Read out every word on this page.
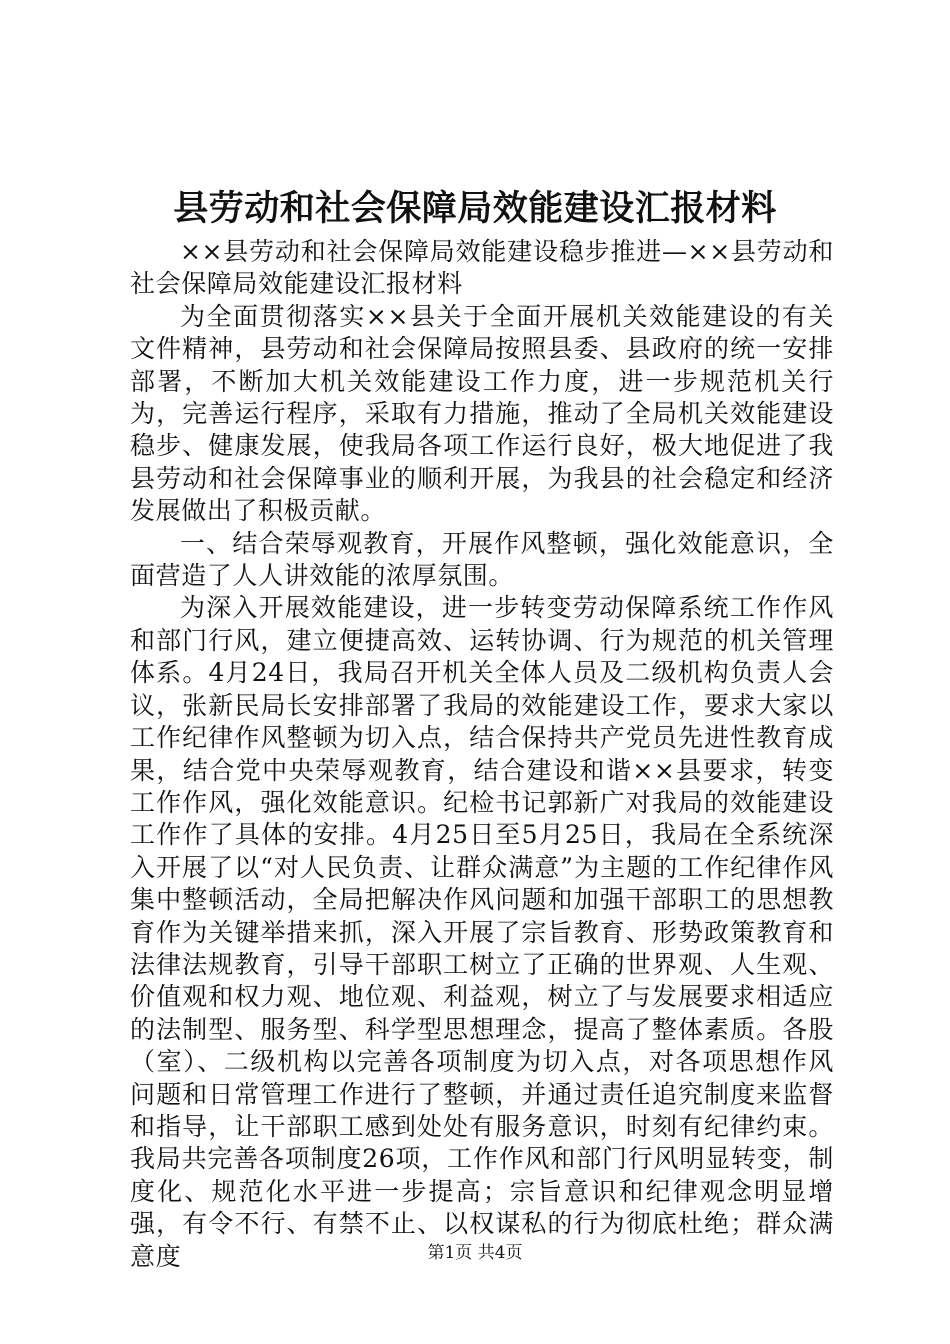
县劳动和社会保障局效能建设汇报材料

××县劳动和社会保障局效能建设稳步推进—××县劳动和社会保障局效能建设汇报材料

为全面贯彻落实××县关于全面开展机关效能建设的有关文件精神，县劳动和社会保障局按照县委、县政府的统一安排部署，不断加大机关效能建设工作力度，进一步规范机关行为，完善运行程序，采取有力措施，推动了全局机关效能建设稳步、健康发展，使我局各项工作运行良好，极大地促进了我县劳动和社会保障事业的顺利开展，为我县的社会稳定和经济发展做出了积极贡献。

一、结合荣辱观教育，开展作风整顿，强化效能意识，全面营造了人人讲效能的浓厚氛围。

为深入开展效能建设，进一步转变劳动保障系统工作作风和部门行风，建立便捷高效、运转协调、行为规范的机关管理体系。4月24日，我局召开机关全体人员及二级机构负责人会议，张新民局长安排部署了我局的效能建设工作，要求大家以工作纪律作风整顿为切入点，结合保持共产党员先进性教育成果，结合党中央荣辱观教育，结合建设和谐××县要求，转变工作作风，强化效能意识。纪检书记郭新广对我局的效能建设工作作了具体的安排。4月25日至5月25日，我局在全系统深入开展了以“对人民负责、让群众满意”为主题的工作纪律作风集中整顿活动，全局把解决作风问题和加强干部职工的思想教育作为关键举措来抓，深入开展了宗旨教育、形势政策教育和法律法规教育，引导干部职工树立了正确的世界观、人生观、价值观和权力观、地位观、利益观，树立了与发展要求相适应的法制型、服务型、科学型思想理念，提高了整体素质。各股（室）、二级机构以完善各项制度为切入点，对各项思想作风问题和日常管理工作进行了整顿，并通过责任追究制度来监督和指导，让干部职工感到处处有服务意识，时刻有纪律约束。我局共完善各项制度26项，工作作风和部门行风明显转变，制度化、规范化水平进一步提高；宗旨意识和纪律观念明显增强，有令不行、有禁不止、以权谋私的行为彻底杜绝；群众满意度	第1页 共4页
